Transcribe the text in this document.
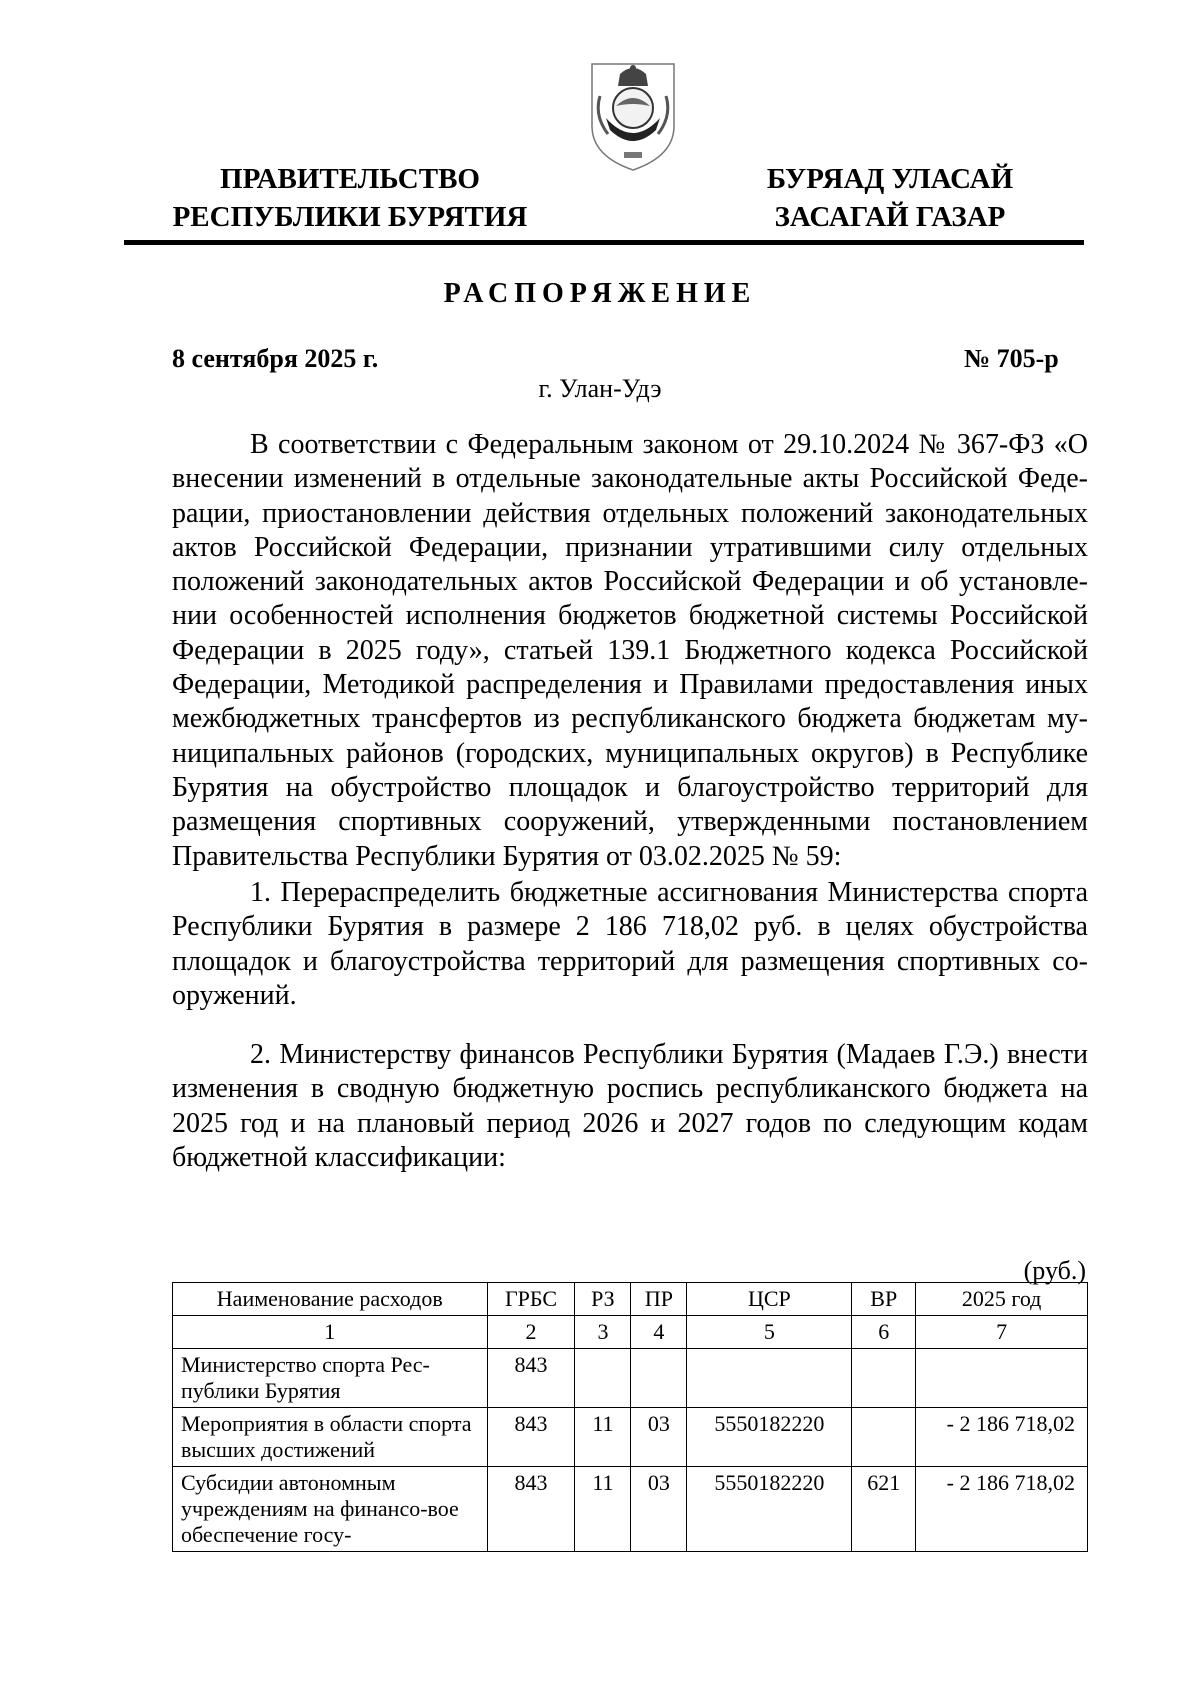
ПРАВИТЕЛЬСТВО
РЕСПУБЛИКИ БУРЯТИЯ
БУРЯАД УЛАСАЙ
ЗАСАГАЙ ГАЗАР
РАСПОРЯЖЕНИЕ
8 сентября 2025 г.	№ 705-р
г. Улан-Удэ
В соответствии с Федеральным законом от 29.10.2024 № 367-ФЗ «О
внесении изменений в отдельные законодательные акты Российской Феде-
рации, приостановлении действия отдельных положений законодательных
актов Российской Федерации, признании утратившими силу отдельных
положений законодательных актов Российской Федерации и об установле-
нии особенностей исполнения бюджетов бюджетной системы Российской
Федерации в 2025 году», статьей 139.1 Бюджетного кодекса Российской
Федерации, Методикой распределения и Правилами предоставления иных
межбюджетных трансфертов из республиканского бюджета бюджетам му-
ниципальных районов (городских, муниципальных округов) в Республике
Бурятия на обустройство площадок и благоустройство территорий для
размещения спортивных сооружений, утвержденными постановлением
Правительства Республики Бурятия от 03.02.2025 № 59:
1. Перераспределить бюджетные ассигнования Министерства спорта
Республики Бурятия в размере 2 186 718,02 руб. в целях обустройства
площадок и благоустройства территорий для размещения спортивных со-
оружений.
2. Министерству финансов Республики Бурятия (Мадаев Г.Э.) внести
изменения в сводную бюджетную роспись республиканского бюджета на
2025 год и на плановый период 2026 и 2027 годов по следующим кодам
бюджетной классификации:
(руб.)
Наименование расходов	ГРБС	РЗ	ПР	ЦСР	ВР	2025 год
1	2	3	4	5	6	7
Министерство спорта Рес-публики Бурятия	843					
Мероприятия в области спорта высших достижений	843	11	03	5550182220		- 2 186 718,02
Субсидии автономным учреждениям на финансо-вое обеспечение госу-	843	11	03	5550182220	621	- 2 186 718,02
